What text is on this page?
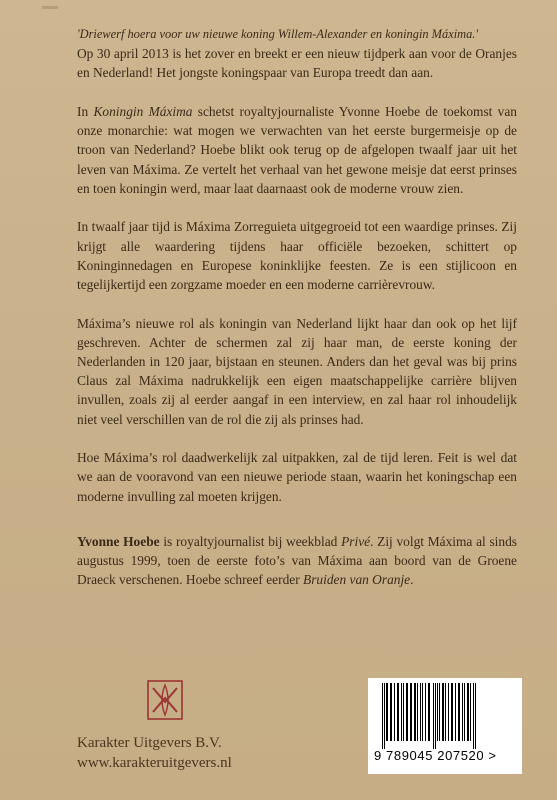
'Driewerf hoera voor uw nieuwe koning Willem-Alexander en koningin Máxima.'
Op 30 april 2013 is het zover en breekt er een nieuw tijdperk aan voor de Oranjes en Nederland! Het jongste koningspaar van Europa treedt dan aan.

In Koningin Máxima schetst royaltyjournaliste Yvonne Hoebe de toekomst van onze monarchie: wat mogen we verwachten van het eerste burgermeisje op de troon van Nederland? Hoebe blikt ook terug op de afgelopen twaalf jaar uit het leven van Máxima. Ze vertelt het verhaal van het gewone meisje dat eerst prinses en toen koningin werd, maar laat daarnaast ook de moderne vrouw zien.

In twaalf jaar tijd is Máxima Zorreguieta uitgegroeid tot een waardige prinses. Zij krijgt alle waardering tijdens haar officiële bezoeken, schittert op Koninginnedagen en Europese koninklijke feesten. Ze is een stijlicoon en tegelijkertijd een zorgzame moeder en een moderne carrièrevrouw.

Máxima’s nieuwe rol als koningin van Nederland lijkt haar dan ook op het lijf geschreven. Achter de schermen zal zij haar man, de eerste koning der Nederlanden in 120 jaar, bijstaan en steunen. Anders dan het geval was bij prins Claus zal Máxima nadrukkelijk een eigen maatschappelijke carrière blijven invullen, zoals zij al eerder aangaf in een interview, en zal haar rol inhoudelijk niet veel verschillen van de rol die zij als prinses had.

Hoe Máxima’s rol daadwerkelijk zal uitpakken, zal de tijd leren. Feit is wel dat we aan de vooravond van een nieuwe periode staan, waarin het koningschap een moderne invulling zal moeten krijgen.

Yvonne Hoebe is royaltyjournalist bij weekblad Privé. Zij volgt Máxima al sinds augustus 1999, toen de eerste foto’s van Máxima aan boord van de Groene Draeck verschenen. Hoebe schreef eerder Bruiden van Oranje.

Karakter Uitgevers B.V.
www.karakteruitgevers.nl	9 789045 207520 >
